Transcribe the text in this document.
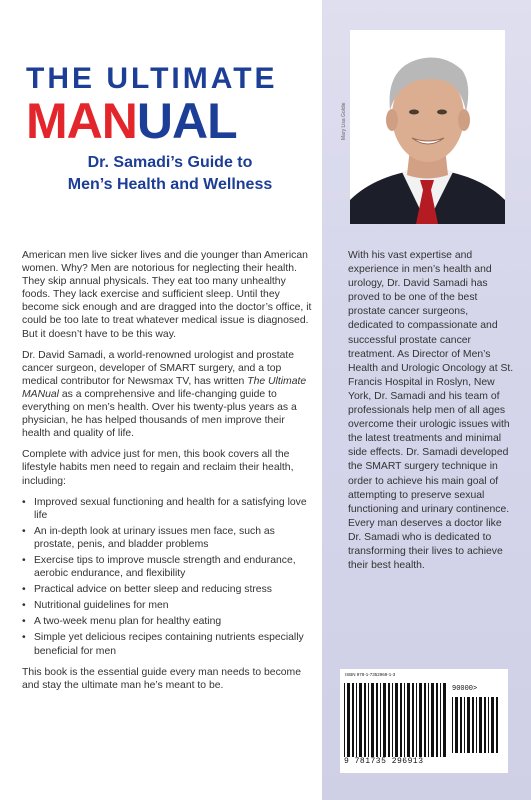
THE ULTIMATE
MANUAL
Dr. Samadi’s Guide to
Men’s Health and Wellness
Mary Lisa Goldie

American men live sicker lives and die younger than American women. Why? Men are notorious for neglecting their health. They skip annual physicals. They eat too many unhealthy foods. They lack exercise and sufficient sleep. Until they become sick enough and are dragged into the doctor’s office, it could be too late to treat whatever medical issue is diagnosed. But it doesn’t have to be this way.

Dr. David Samadi, a world-renowned urologist and prostate cancer surgeon, developer of SMART surgery, and a top medical contributor for Newsmax TV, has written The Ultimate MANual as a comprehensive and life-changing guide to everything on men’s health. Over his twenty-plus years as a physician, he has helped thousands of men improve their health and quality of life.

Complete with advice just for men, this book covers all the lifestyle habits men need to regain and reclaim their health, including:

• Improved sexual functioning and health for a satisfying love life
• An in-depth look at urinary issues men face, such as prostate, penis, and bladder problems
• Exercise tips to improve muscle strength and endurance, aerobic endurance, and flexibility
• Practical advice on better sleep and reducing stress
• Nutritional guidelines for men
• A two-week menu plan for healthy eating
• Simple yet delicious recipes containing nutrients especially beneficial for men

This book is the essential guide every man needs to become and stay the ultimate man he’s meant to be.

With his vast expertise and experience in men’s health and urology, Dr. David Samadi has proved to be one of the best prostate cancer surgeons, dedicated to compassionate and successful prostate cancer treatment. As Director of Men’s Health and Urologic Oncology at St. Francis Hospital in Roslyn, New York, Dr. Samadi and his team of professionals help men of all ages overcome their urologic issues with the latest treatments and minimal side effects. Dr. Samadi developed the SMART surgery technique in order to achieve his main goal of attempting to preserve sexual functioning and urinary continence. Every man deserves a doctor like Dr. Samadi who is dedicated to transforming their lives to achieve their best health.

ISBN 978-1-7352969-1-3
90000>
9 781735 296913
